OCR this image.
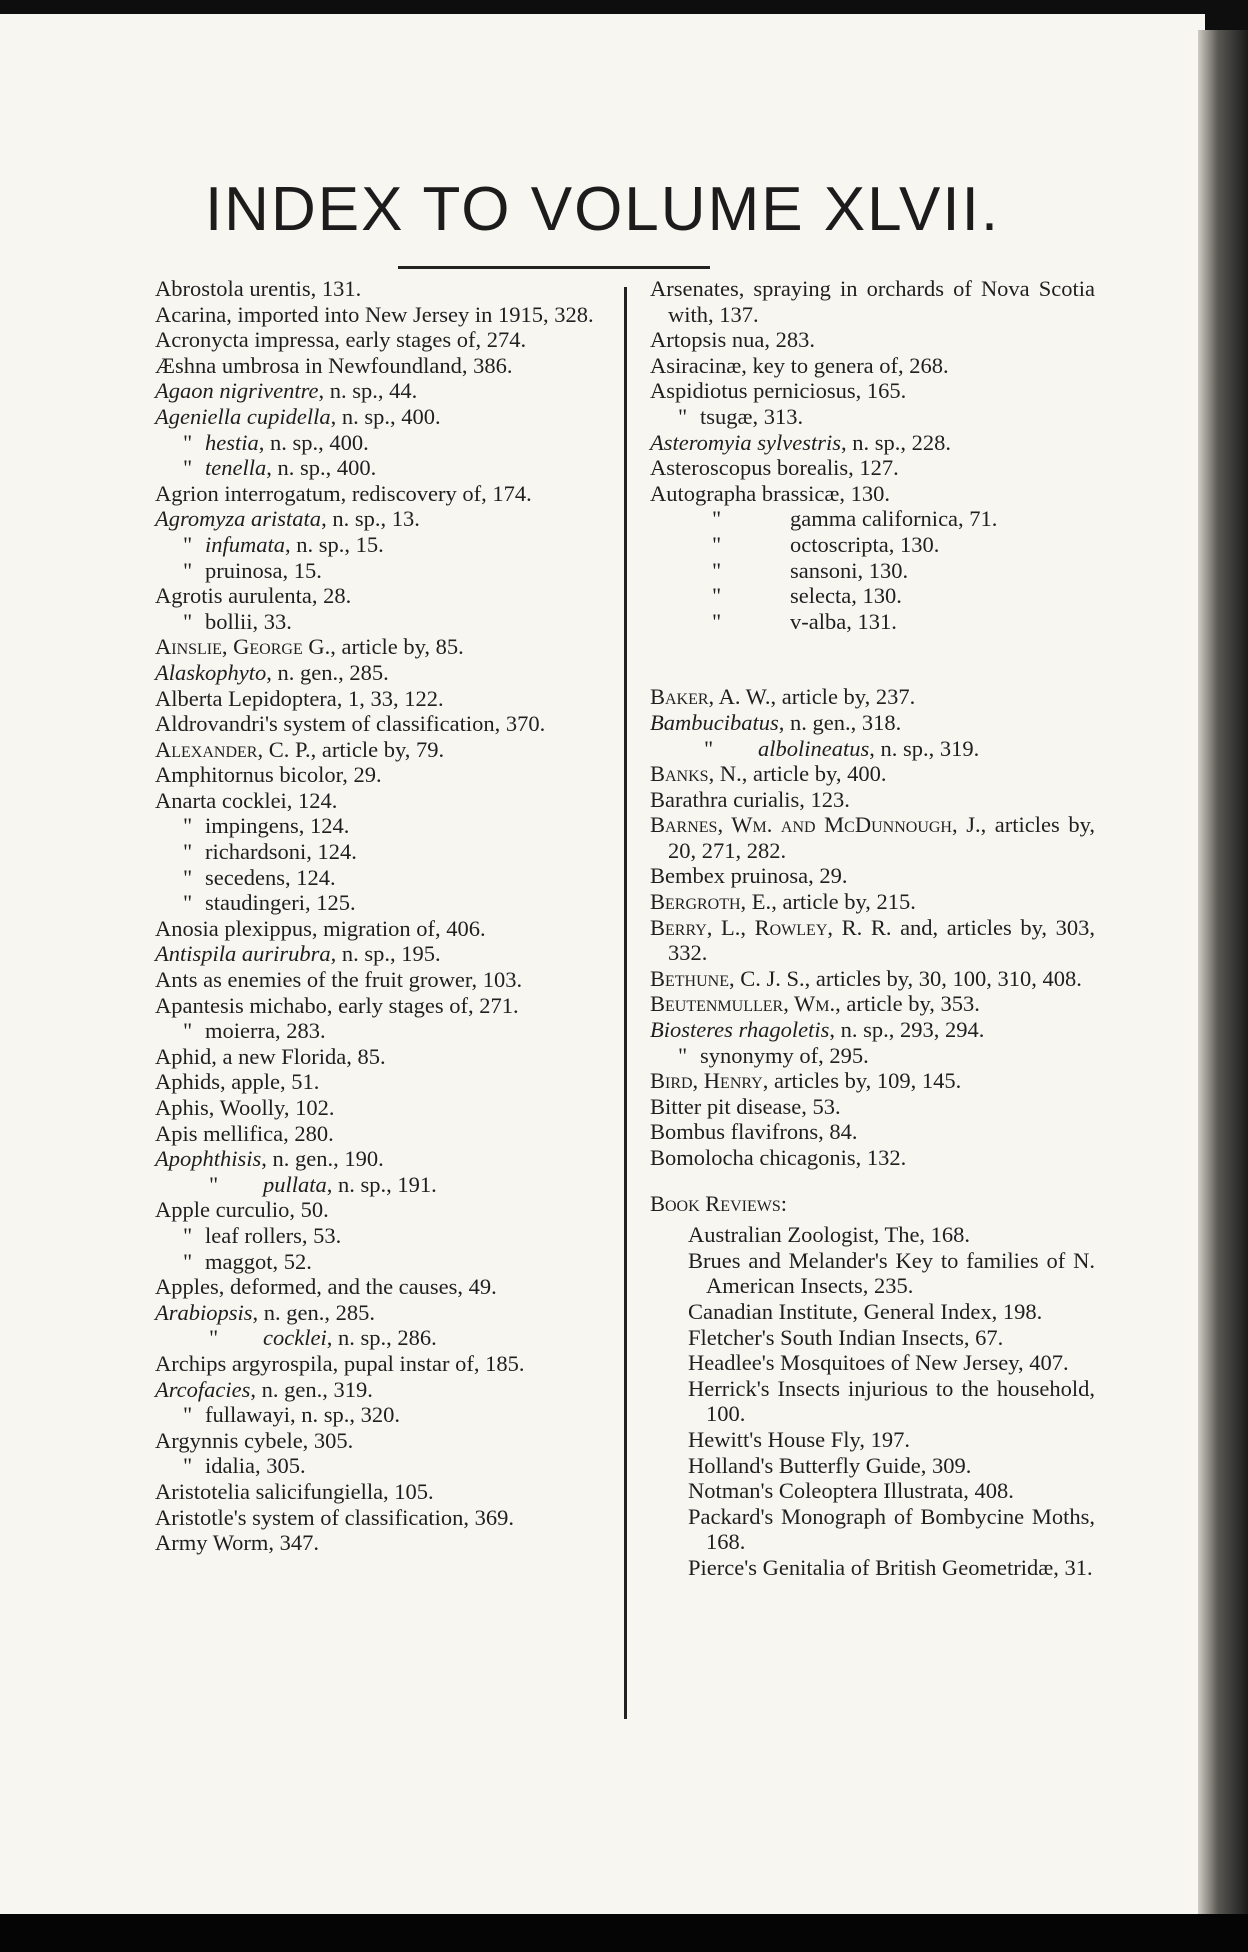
INDEX TO VOLUME XLVII.
Abrostola urentis, 131.
Acarina, imported into New Jersey in 1915, 328.
Acronycta impressa, early stages of, 274.
Æshna umbrosa in Newfoundland, 386.
Agaon nigriventre, n. sp., 44.
Ageniella cupidella, n. sp., 400.
" hestia, n. sp., 400.
" tenella, n. sp., 400.
Agrion interrogatum, rediscovery of, 174.
Agromyza aristata, n. sp., 13.
" infumata, n. sp., 15.
" pruinosa, 15.
Agrotis aurulenta, 28.
" bollii, 33.
Ainslie, George G., article by, 85.
Alaskophyto, n. gen., 285.
Alberta Lepidoptera, 1, 33, 122.
Aldrovandri's system of classification, 370.
Alexander, C. P., article by, 79.
Amphitornus bicolor, 29.
Anarta cocklei, 124.
" impingens, 124.
" richardsoni, 124.
" secedens, 124.
" staudingeri, 125.
Anosia plexippus, migration of, 406.
Antispila aurirubra, n. sp., 195.
Ants as enemies of the fruit grower, 103.
Apantesis michabo, early stages of, 271.
" moierra, 283.
Aphid, a new Florida, 85.
Aphids, apple, 51.
Aphis, Woolly, 102.
Apis mellifica, 280.
Apophthisis, n. gen., 190.
" pullata, n. sp., 191.
Apple curculio, 50.
" leaf rollers, 53.
" maggot, 52.
Apples, deformed, and the causes, 49.
Arabiopsis, n. gen., 285.
" cocklei, n. sp., 286.
Archips argyrospila, pupal instar of, 185.
Arcofacies, n. gen., 319.
" fullawayi, n. sp., 320.
Argynnis cybele, 305.
" idalia, 305.
Aristotelia salicifungiella, 105.
Aristotle's system of classification, 369.
Army Worm, 347.
Arsenates, spraying in orchards of Nova Scotia with, 137.
Artopsis nua, 283.
Asiracinæ, key to genera of, 268.
Aspidiotus perniciosus, 165.
" tsugæ, 313.
Asteromyia sylvestris, n. sp., 228.
Asteroscopus borealis, 127.
Autographa brassicæ, 130.
"	gamma californica, 71.
"	octoscripta, 130.
"	sansoni, 130.
"	selecta, 130.
"	v-alba, 131.
Baker, A. W., article by, 237.
Bambucibatus, n. gen., 318.
" albolineatus, n. sp., 319.
Banks, N., article by, 400.
Barathra curialis, 123.
Barnes, Wm. and McDunnough, J., articles by, 20, 271, 282.
Bembex pruinosa, 29.
Bergroth, E., article by, 215.
Berry, L., Rowley, R. R. and, articles by, 303, 332.
Bethune, C. J. S., articles by, 30, 100, 310, 408.
Beutenmuller, Wm., article by, 353.
Biosteres rhagoletis, n. sp., 293, 294.
" synonymy of, 295.
Bird, Henry, articles by, 109, 145.
Bitter pit disease, 53.
Bombus flavifrons, 84.
Bomolocha chicagonis, 132.
Book Reviews:
Australian Zoologist, The, 168.
Brues and Melander's Key to families of N. American Insects, 235.
Canadian Institute, General Index, 198.
Fletcher's South Indian Insects, 67.
Headlee's Mosquitoes of New Jersey, 407.
Herrick's Insects injurious to the household, 100.
Hewitt's House Fly, 197.
Holland's Butterfly Guide, 309.
Notman's Coleoptera Illustrata, 408.
Packard's Monograph of Bombycine Moths, 168.
Pierce's Genitalia of British Geometridæ, 31.
